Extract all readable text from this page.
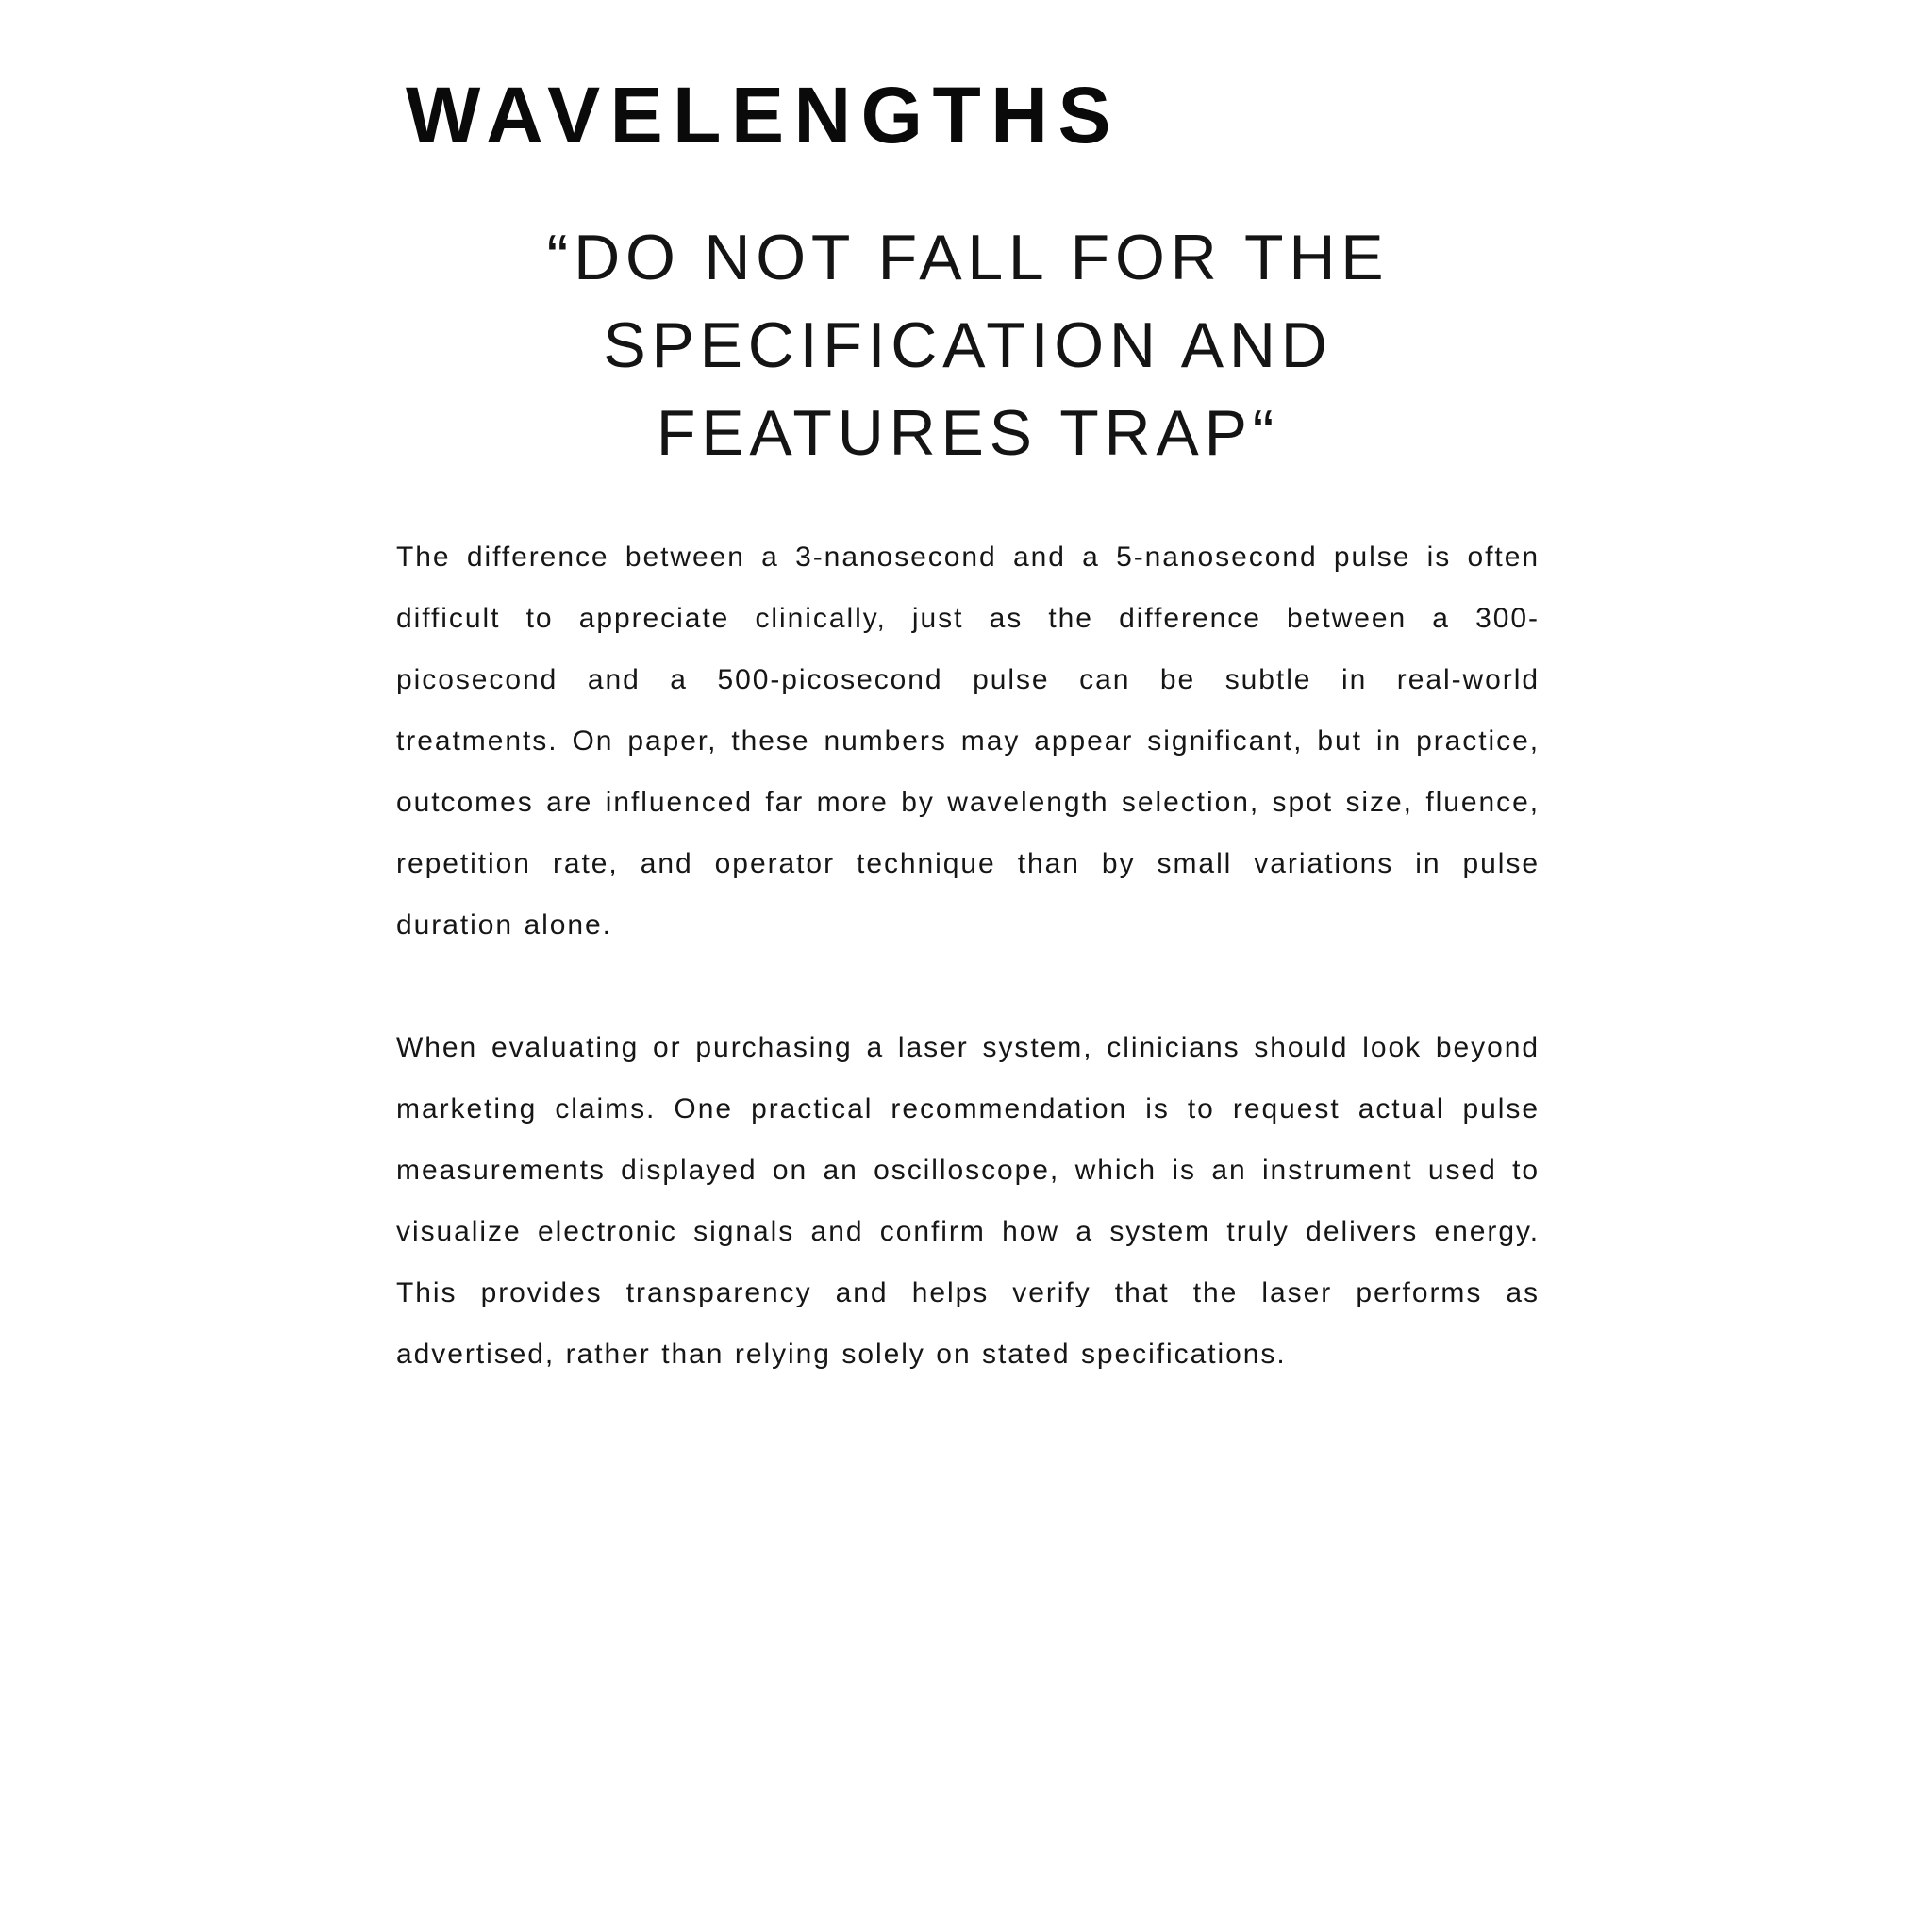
WAVELENGTHS
“DO NOT FALL FOR THE SPECIFICATION AND FEATURES TRAP“

The difference between a 3-nanosecond and a 5-nanosecond pulse is often difficult to appreciate clinically, just as the difference between a 300-picosecond and a 500-picosecond pulse can be subtle in real-world treatments. On paper, these numbers may appear significant, but in practice, outcomes are influenced far more by wavelength selection, spot size, fluence, repetition rate, and operator technique than by small variations in pulse duration alone.

When evaluating or purchasing a laser system, clinicians should look beyond marketing claims. One practical recommendation is to request actual pulse measurements displayed on an oscilloscope, which is an instrument used to visualize electronic signals and confirm how a system truly delivers energy. This provides transparency and helps verify that the laser performs as advertised, rather than relying solely on stated specifications.
